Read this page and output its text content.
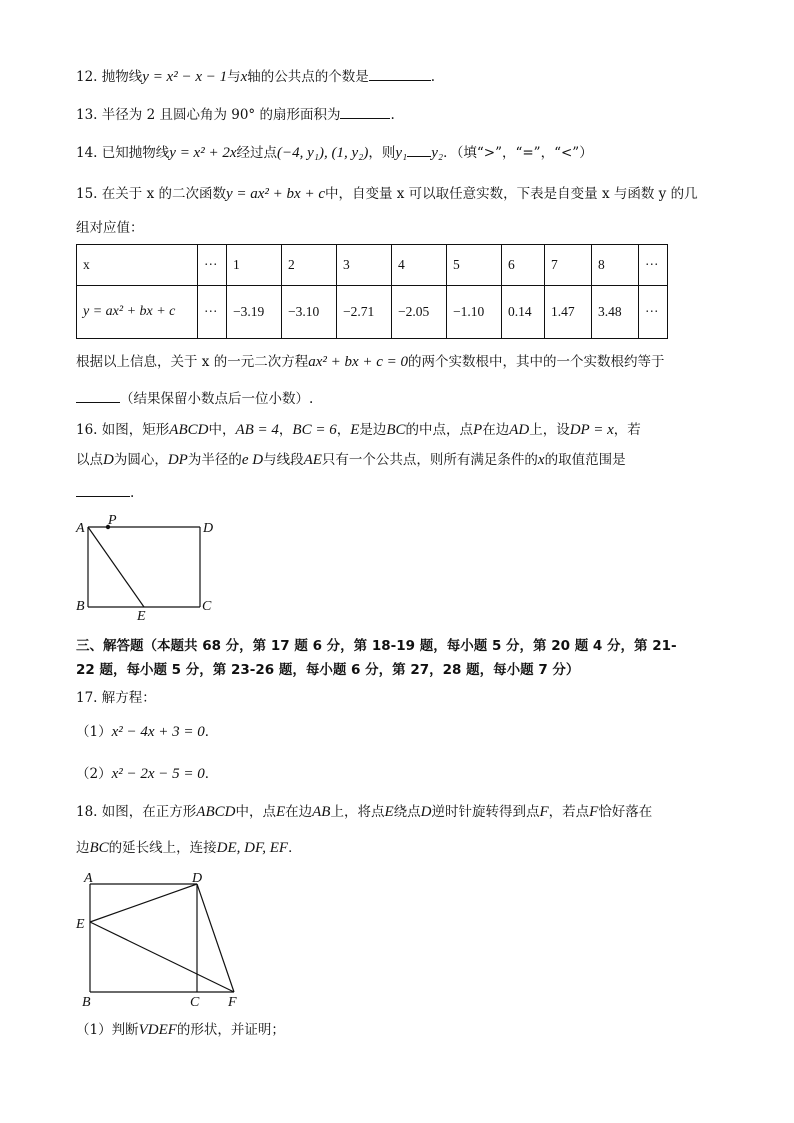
12. 抛物线y = x² − x − 1与x轴的公共点的个数是	.
13. 半径为 2 且圆心角为 90° 的扇形面积为	.
14. 已知抛物线y = x² + 2x经过点(−4, y₁), (1, y₂)，则y₁ y₂．（填“>”，“=”，“<”）
15. 在关于 x 的二次函数y = ax² + bx + c中，自变量 x 可以取任意实数，下表是自变量 x 与函数 y 的几
组对应值：
x	···	1	2	3	4	5	6	7	8	···
y = ax² + bx + c	···	−3.19	−3.10	−2.71	−2.05	−1.10	0.14	1.47	3.48	···
根据以上信息，关于 x 的一元二次方程ax² + bx + c = 0的两个实数根中，其中的一个实数根约等于
（结果保留小数点后一位小数）.
16. 如图，矩形ABCD中，AB = 4，BC = 6，E是边BC的中点，点P在边AD上，设DP = x，若
以点D为圆心，DP为半径的e D与线段AE只有一个公共点，则所有满足条件的x的取值范围是
.
A
P
D
B
E
C
三、解答题（本题共 68 分，第 17 题 6 分，第 18-19 题，每小题 5 分，第 20 题 4 分，第 21-
22 题，每小题 5 分，第 23-26 题，每小题 6 分，第 27，28 题，每小题 7 分）
17. 解方程：
（1）x² − 4x + 3 = 0．
（2）x² − 2x − 5 = 0．
18. 如图，在正方形ABCD中，点E在边AB上，将点E绕点D逆时针旋转得到点F，若点F恰好落在
边BC的延长线上，连接DE, DF, EF．
A	D
E
B	C F
（1）判断VDEF的形状，并证明；
